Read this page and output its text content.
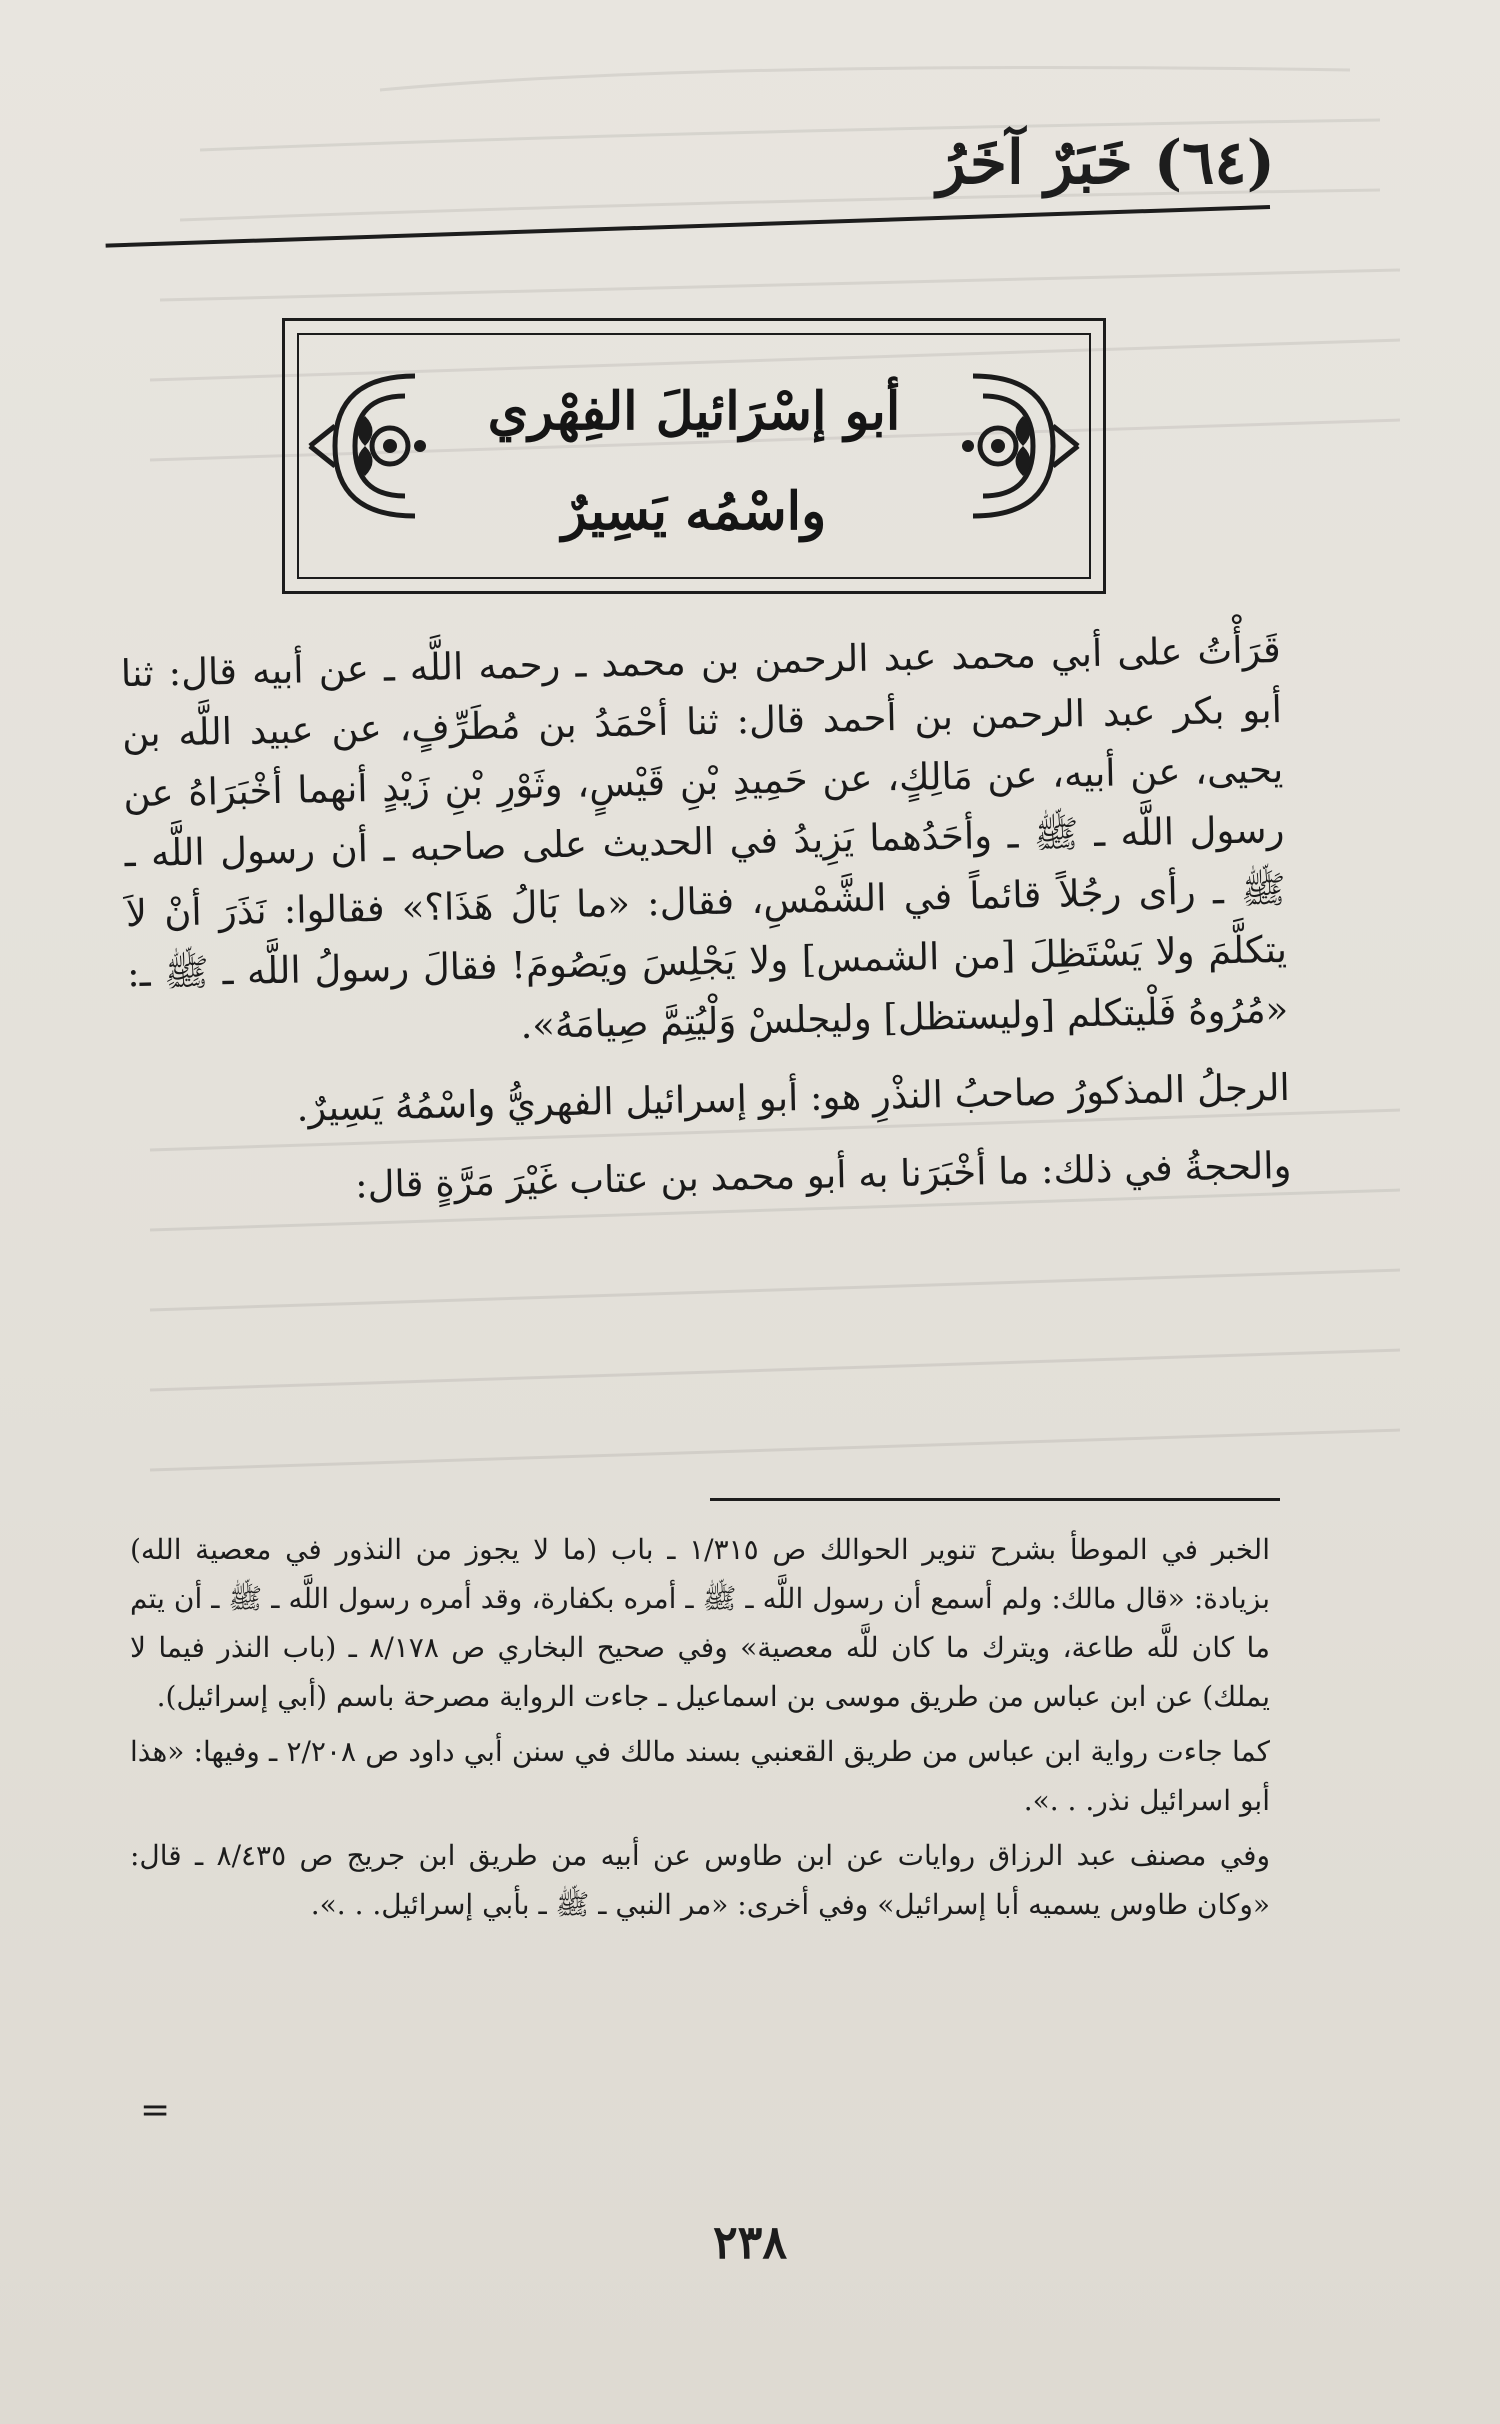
(٦٤) خَبَرٌ آخَرُ
أبو إسْرَائيلَ الفِهْري
واسْمُه يَسِيرٌ

قَرَأْتُ على أبي محمد عبد الرحمن بن محمد ـ رحمه اللَّه ـ عن أبيه قال: ثنا أبو بكر عبد الرحمن بن أحمد قال: ثنا أحْمَدُ بن مُطَرِّفٍ، عن عبيد اللَّه بن يحيى، عن أبيه، عن مَالِكٍ، عن حَمِيدِ بْنِ قَيْسٍ، وثَوْرِ بْنِ زَيْدٍ أنهما أخْبَرَاهُ عن رسول اللَّه ـ ﷺ ـ وأحَدُهما يَزِيدُ في الحديث على صاحبه ـ أن رسول اللَّه ـ ﷺ ـ رأى رجُلاً قائماً في الشَّمْسِ، فقال: «ما بَالُ هَذَا؟» فقالوا: نَذَرَ أنْ لاَ يتكلَّمَ ولا يَسْتَظِلَ [من الشمس] ولا يَجْلِسَ ويَصُومَ! فقالَ رسولُ اللَّه ـ ﷺ ـ: «مُرُوهُ فَلْيتكلم [وليستظل] وليجلسْ وَلْيُتِمَّ صِيامَهُ».

الرجلُ المذكورُ صاحبُ النذْرِ هو: أبو إسرائيل الفهريُّ واسْمُهُ يَسِيرٌ.

والحجةُ في ذلك: ما أخْبَرَنا به أبو محمد بن عتاب غَيْرَ مَرَّةٍ قال:

الخبر في الموطأ بشرح تنوير الحوالك ص ١/٣١٥ ـ باب (ما لا يجوز من النذور في معصية الله) بزيادة: «قال مالك: ولم أسمع أن رسول اللَّه ـ ﷺ ـ أمره بكفارة، وقد أمره رسول اللَّه ـ ﷺ ـ أن يتم ما كان للَّه طاعة، ويترك ما كان للَّه معصية» وفي صحيح البخاري ص ٨/١٧٨ ـ (باب النذر فيما لا يملك) عن ابن عباس من طريق موسى بن اسماعيل ـ جاءت الرواية مصرحة باسم (أبي إسرائيل).

كما جاءت رواية ابن عباس من طريق القعنبي بسند مالك في سنن أبي داود ص ٢/٢٠٨ ـ وفيها: «هذا أبو اسرائيل نذر. . .».

وفي مصنف عبد الرزاق روايات عن ابن طاوس عن أبيه من طريق ابن جريج ص ٨/٤٣٥ ـ قال: «وكان طاوس يسميه أبا إسرائيل» وفي أخرى: «مر النبي ـ ﷺ ـ بأبي إسرائيل. . .».

=
٢٣٨
